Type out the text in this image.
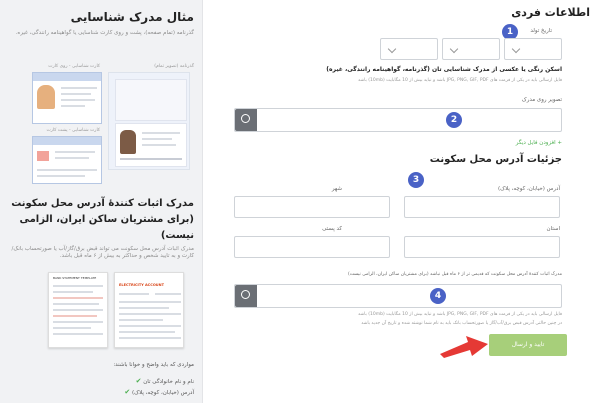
مثال مدرک شناسایی
گذرنامه (تمام صفحه)، پشت و روی کارت شناسایی یا گواهینامه رانندگی، غیره.
گذرنامه (تصویر تمام)
کارت شناسایی - روی کارت
کارت شناسایی - پشت کارت
مدرک اثبات کنندهٔ آدرس محل سکونت (برای مشتریان ساکن ایران، الزامی نیست)
مدرک اثبات آدرس محل سکونت می تواند قبض برق/گاز/آب یا صورتحساب بانک/کارت و به تایید شخص و حداکثر به بیش از ۶ ماه قبل باشد.
BANK STATEMENT TEMPLATE
ELECTRICITY ACCOUNT
مواردی که باید واضح و خوانا باشند:
نام و نام خانوادگی تان ✔
آدرس (خیابان، کوچه، پلاک) ✔
اطلاعات فردی
تاریخ تولد
1
اسکن رنگی یا عکسی از مدرک شناسایی تان (گذرنامه، گواهینامه رانندگی، غیره)
فایل ارسالی باید در یکی از فرمت های JPG, PNG, GIF, PDF باشد و نباید بیش از 10 مگابایت (10mb) باشد
تصویر روی مدرک
2
+ افزودن فایل دیگر
جزئیات آدرس محل سکونت
3
آدرس (خیابان، کوچه، پلاک)
شهر
استان
کد پستی
مدرک اثبات کنندهٔ آدرس محل سکونت که قدیمی تر از ۶ ماه قبل نباشد (برای مشتریان ساکن ایران، الزامی نیست)
4
فایل ارسالی باید در یکی از فرمت های JPG, PNG, GIF, PDF باشد و نباید بیش از 10 مگابایت (10mb) باشد
در چنین حالتی آدرس قبض برق/آب/گاز یا صورتحساب بانک باید به نام شما نوشته شده و تاریخ آن جدید باشد
تایید و ارسال
